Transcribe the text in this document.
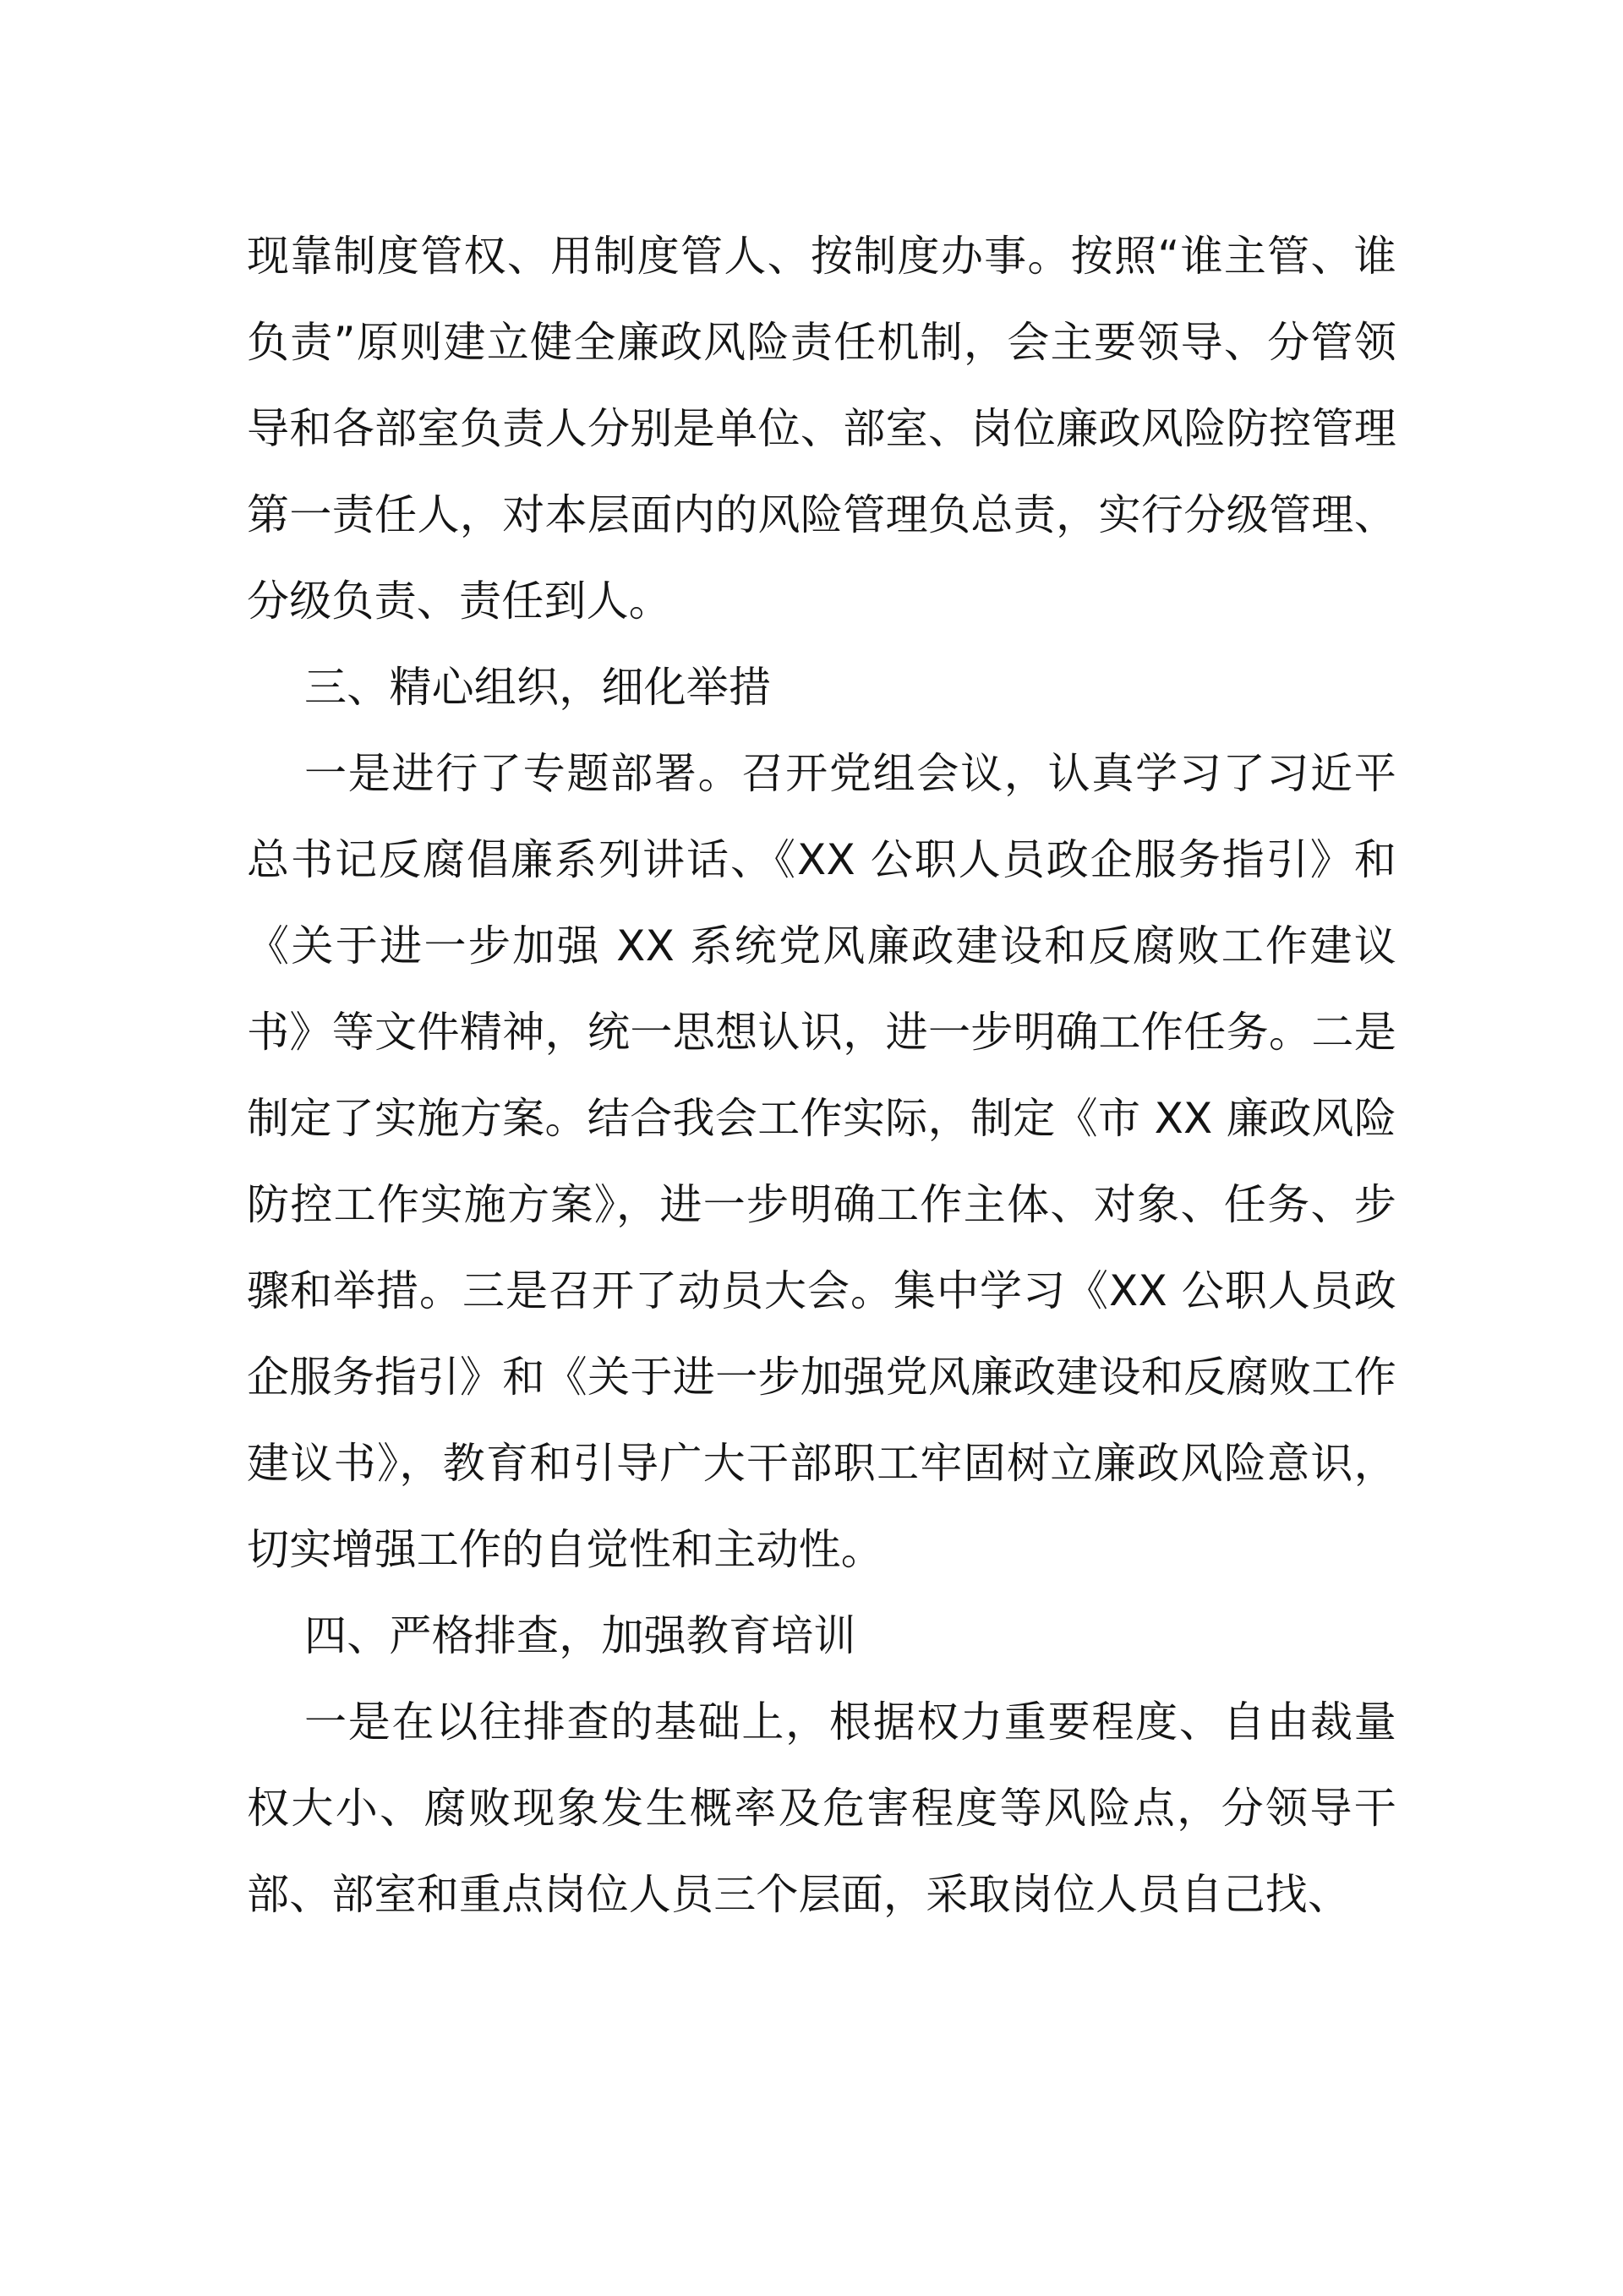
现靠制度管权、用制度管人、按制度办事。按照“谁主管、谁负责”原则建立健全廉政风险责任机制，会主要领导、分管领导和各部室负责人分别是单位、部室、岗位廉政风险防控管理第一责任人，对本层面内的风险管理负总责，实行分级管理、分级负责、责任到人。

三、精心组织，细化举措

一是进行了专题部署。召开党组会议，认真学习了习近平总书记反腐倡廉系列讲话、《XX 公职人员政企服务指引》和《关于进一步加强 XX 系统党风廉政建设和反腐败工作建议书》等文件精神，统一思想认识，进一步明确工作任务。二是制定了实施方案。结合我会工作实际，制定《市 XX 廉政风险防控工作实施方案》，进一步明确工作主体、对象、任务、步骤和举措。三是召开了动员大会。集中学习《XX 公职人员政企服务指引》和《关于进一步加强党风廉政建设和反腐败工作建议书》，教育和引导广大干部职工牢固树立廉政风险意识，切实增强工作的自觉性和主动性。

四、严格排查，加强教育培训

一是在以往排查的基础上，根据权力重要程度、自由裁量权大小、腐败现象发生概率及危害程度等风险点，分领导干部、部室和重点岗位人员三个层面，采取岗位人员自己找、
